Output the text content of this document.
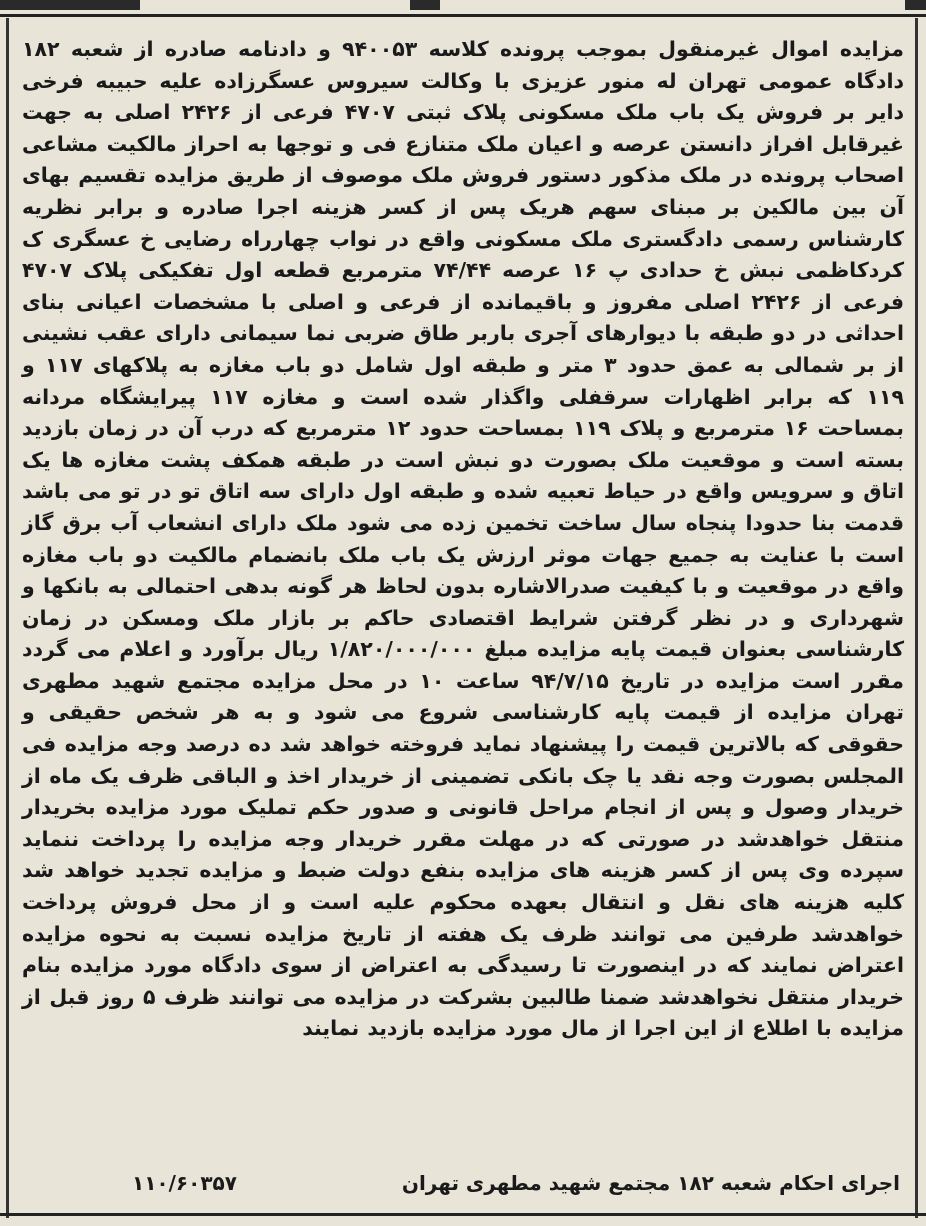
مزایده اموال غیرمنقول بموجب پرونده کلاسه ۹۴۰۰۵۳ و دادنامه صادره از شعبه ۱۸۲ دادگاه عمومی تهران له منور عزیزی با وکالت سیروس عسگرزاده علیه حبیبه فرخی دایر بر فروش یک باب ملک مسکونی پلاک ثبتی ۴۷۰۷ فرعی از ۲۴۲۶ اصلی به جهت غیرقابل افراز دانستن عرصه و اعیان ملک متنازع فی و توجها به احراز مالکیت مشاعی اصحاب پرونده در ملک مذکور دستور فروش ملک موصوف از طریق مزایده تقسیم بهای آن بین مالکین بر مبنای سهم هریک پس از کسر هزینه اجرا صادره و برابر نظریه کارشناس رسمی دادگستری ملک مسکونی واقع در نواب چهارراه رضایی خ عسگری ک کردکاظمی نبش خ حدادی پ ۱۶ عرصه ۷۴/۴۴ مترمربع قطعه اول تفکیکی پلاک ۴۷۰۷ فرعی از ۲۴۲۶ اصلی مفروز و باقیمانده از فرعی و اصلی با مشخصات اعیانی بنای احداثی در دو طبقه با دیوارهای آجری باربر طاق ضربی نما سیمانی دارای عقب نشینی از بر شمالی به عمق حدود ۳ متر و طبقه اول شامل دو باب مغازه به پلاکهای ۱۱۷ و ۱۱۹ که برابر اظهارات سرقفلی واگذار شده است و مغازه ۱۱۷ پیرایشگاه مردانه بمساحت ۱۶ مترمربع و پلاک ۱۱۹ بمساحت حدود ۱۲ مترمربع که درب آن در زمان بازدید بسته است و موقعیت ملک بصورت دو نبش است در طبقه همکف پشت مغازه ها یک اتاق و سرویس واقع در حیاط تعبیه شده و طبقه اول دارای سه اتاق تو در تو می باشد قدمت بنا حدودا پنجاه سال ساخت تخمین زده می شود ملک دارای انشعاب آب برق گاز است با عنایت به جمیع جهات موثر ارزش یک باب ملک بانضمام مالکیت دو باب مغازه واقع در موقعیت و با کیفیت صدرالاشاره بدون لحاظ هر گونه بدهی احتمالی به بانکها و شهرداری و در نظر گرفتن شرایط اقتصادی حاکم بر بازار ملک ومسکن در زمان کارشناسی بعنوان قیمت پایه مزایده مبلغ ۱/۸۲۰/۰۰۰/۰۰۰ ریال برآورد و اعلام می گردد مقرر است مزایده در تاریخ ۹۴/۷/۱۵ ساعت ۱۰ در محل مزایده مجتمع شهید مطهری تهران مزایده از قیمت پایه کارشناسی شروع می شود و به هر شخص حقیقی و حقوقی که بالاترین قیمت را پیشنهاد نماید فروخته خواهد شد ده درصد وجه مزایده فی المجلس بصورت وجه نقد یا چک بانکی تضمینی از خریدار اخذ و الباقی ظرف یک ماه از خریدار وصول و پس از انجام مراحل قانونی و صدور حکم تملیک مورد مزایده بخریدار منتقل خواهدشد در صورتی که در مهلت مقرر خریدار وجه مزایده را پرداخت ننماید سپرده وی پس از کسر هزینه های مزایده بنفع دولت ضبط و مزایده تجدید خواهد شد کلیه هزینه های نقل و انتقال بعهده محکوم علیه است و از محل فروش پرداخت خواهدشد طرفین می توانند ظرف یک هفته از تاریخ مزایده نسبت به نحوه مزایده اعتراض نمایند که در اینصورت تا رسیدگی به اعتراض از سوی دادگاه مورد مزایده بنام خریدار منتقل نخواهدشد ضمنا طالبین بشرکت در مزایده می توانند ظرف ۵ روز قبل از مزایده با اطلاع از این اجرا از مال مورد مزایده بازدید نمایند
اجرای احکام شعبه ۱۸۲ مجتمع شهید مطهری تهران
۱۱۰/۶۰۳۵۷
